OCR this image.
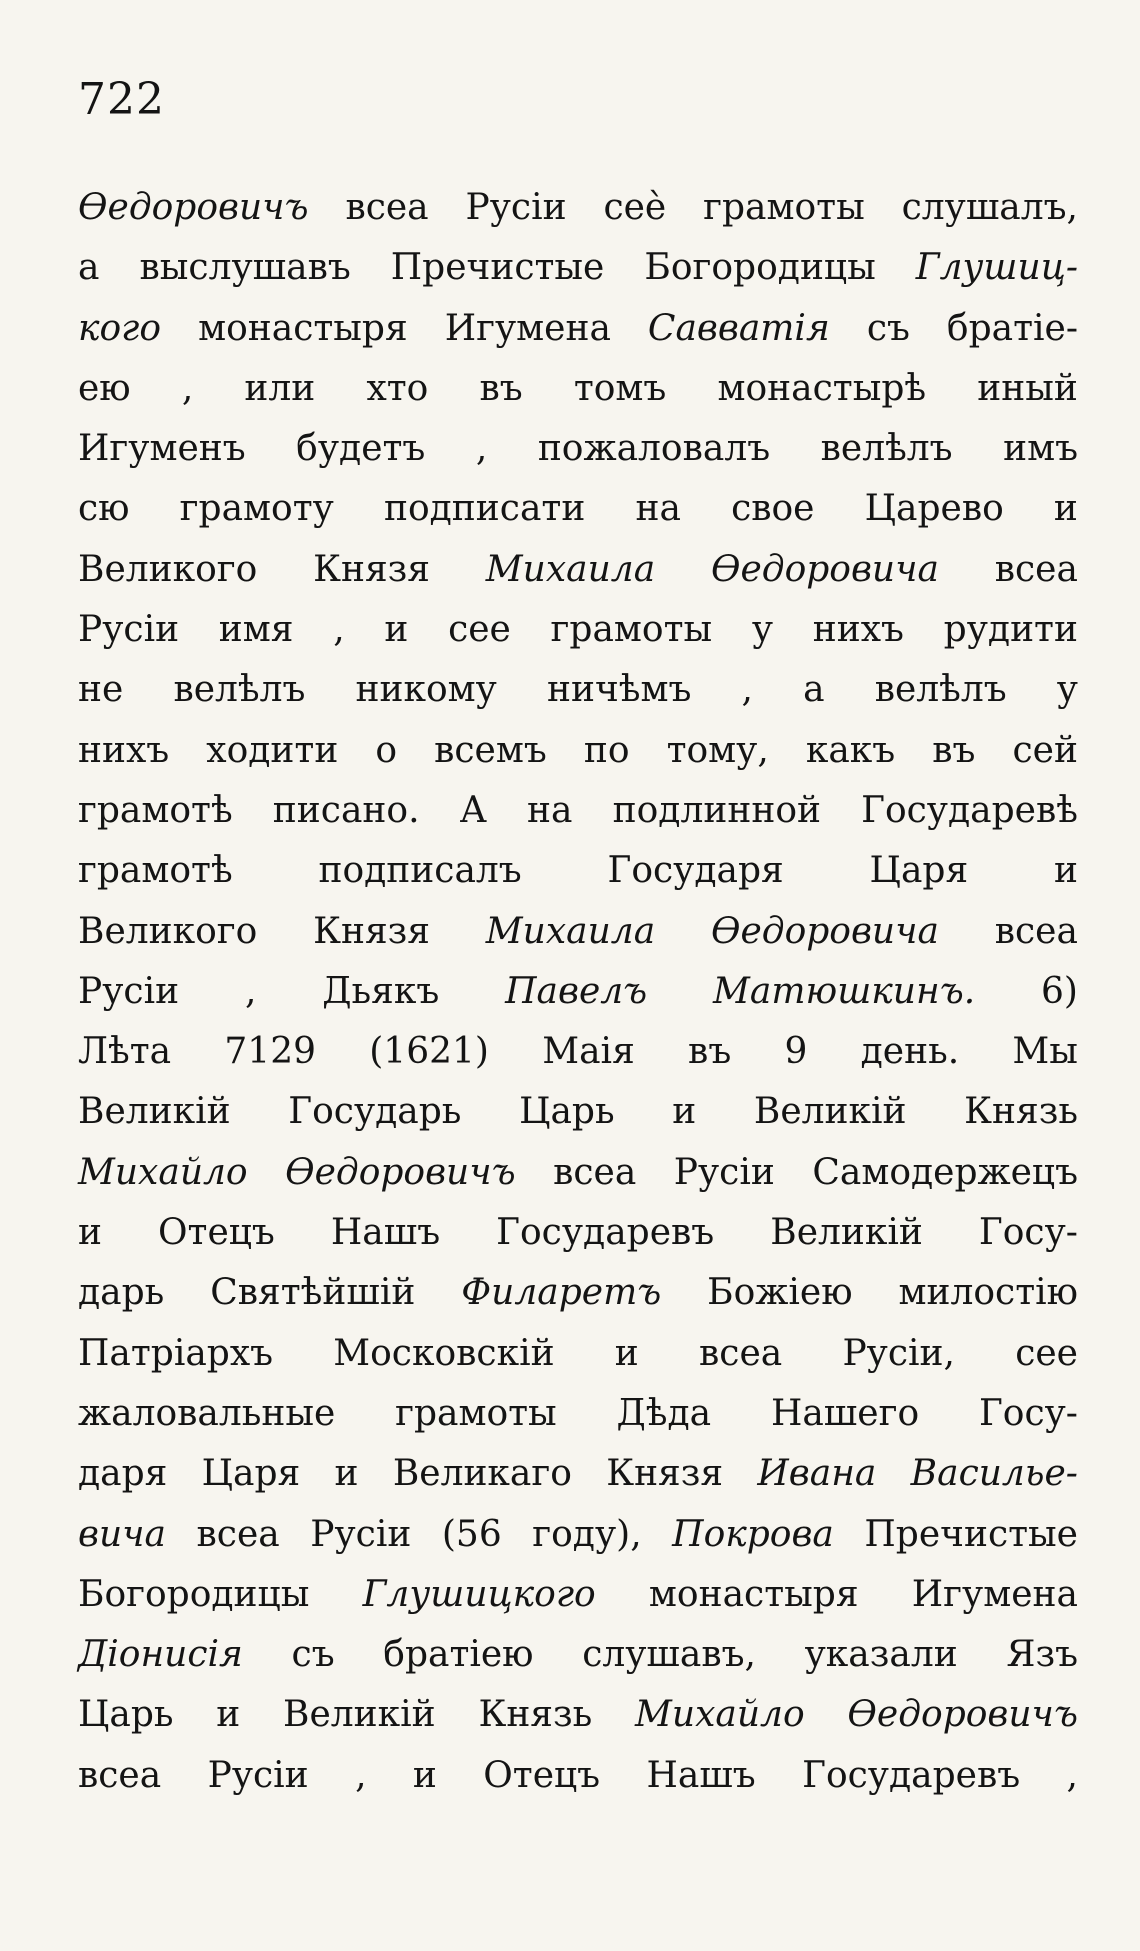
722
Ѳедоровичъ всеа Русіи сеѐ грамоты слушалъ,
а выслушавъ Пречистые Богородицы Глушиц-
кого монастыря Игумена Савватія съ братіе-
ею , или хто въ томъ монастырѣ иный
Игуменъ будетъ , пожаловалъ велѣлъ имъ
сю грамоту подписати на свое Царево и
Великого Князя Михаила Ѳедоровича всеа
Русіи имя , и сее грамоты у нихъ рудити
не велѣлъ никому ничѣмъ , а велѣлъ у
нихъ ходити о всемъ по тому, какъ въ сей
грамотѣ писано. А на подлинной Государевѣ
грамотѣ подписалъ Государя Царя и
Великого Князя Михаила Ѳедоровича всеа
Русіи , Дьякъ Павелъ Матюшкинъ. 6)
Лѣта 7129 (1621) Маія въ 9 день. Мы
Великій Государь Царь и Великій Князь
Михайло Ѳедоровичъ всеа Русіи Самодержецъ
и Отецъ Нашъ Государевъ Великій Госу-
дарь Святѣйшій Филаретъ Божіею милостію
Патріархъ Московскій и всеа Русіи, сее
жаловальные грамоты Дѣда Нашего Госу-
даря Царя и Великаго Князя Ивана Василье-
вича всеа Русіи (56 году), Покрова Пречистые
Богородицы Глушицкого монастыря Игумена
Діонисія съ братіею слушавъ, указали Язъ
Царь и Великій Князь Михайло Ѳедоровичъ
всеа Русіи , и Отецъ Нашъ Государевъ ,
